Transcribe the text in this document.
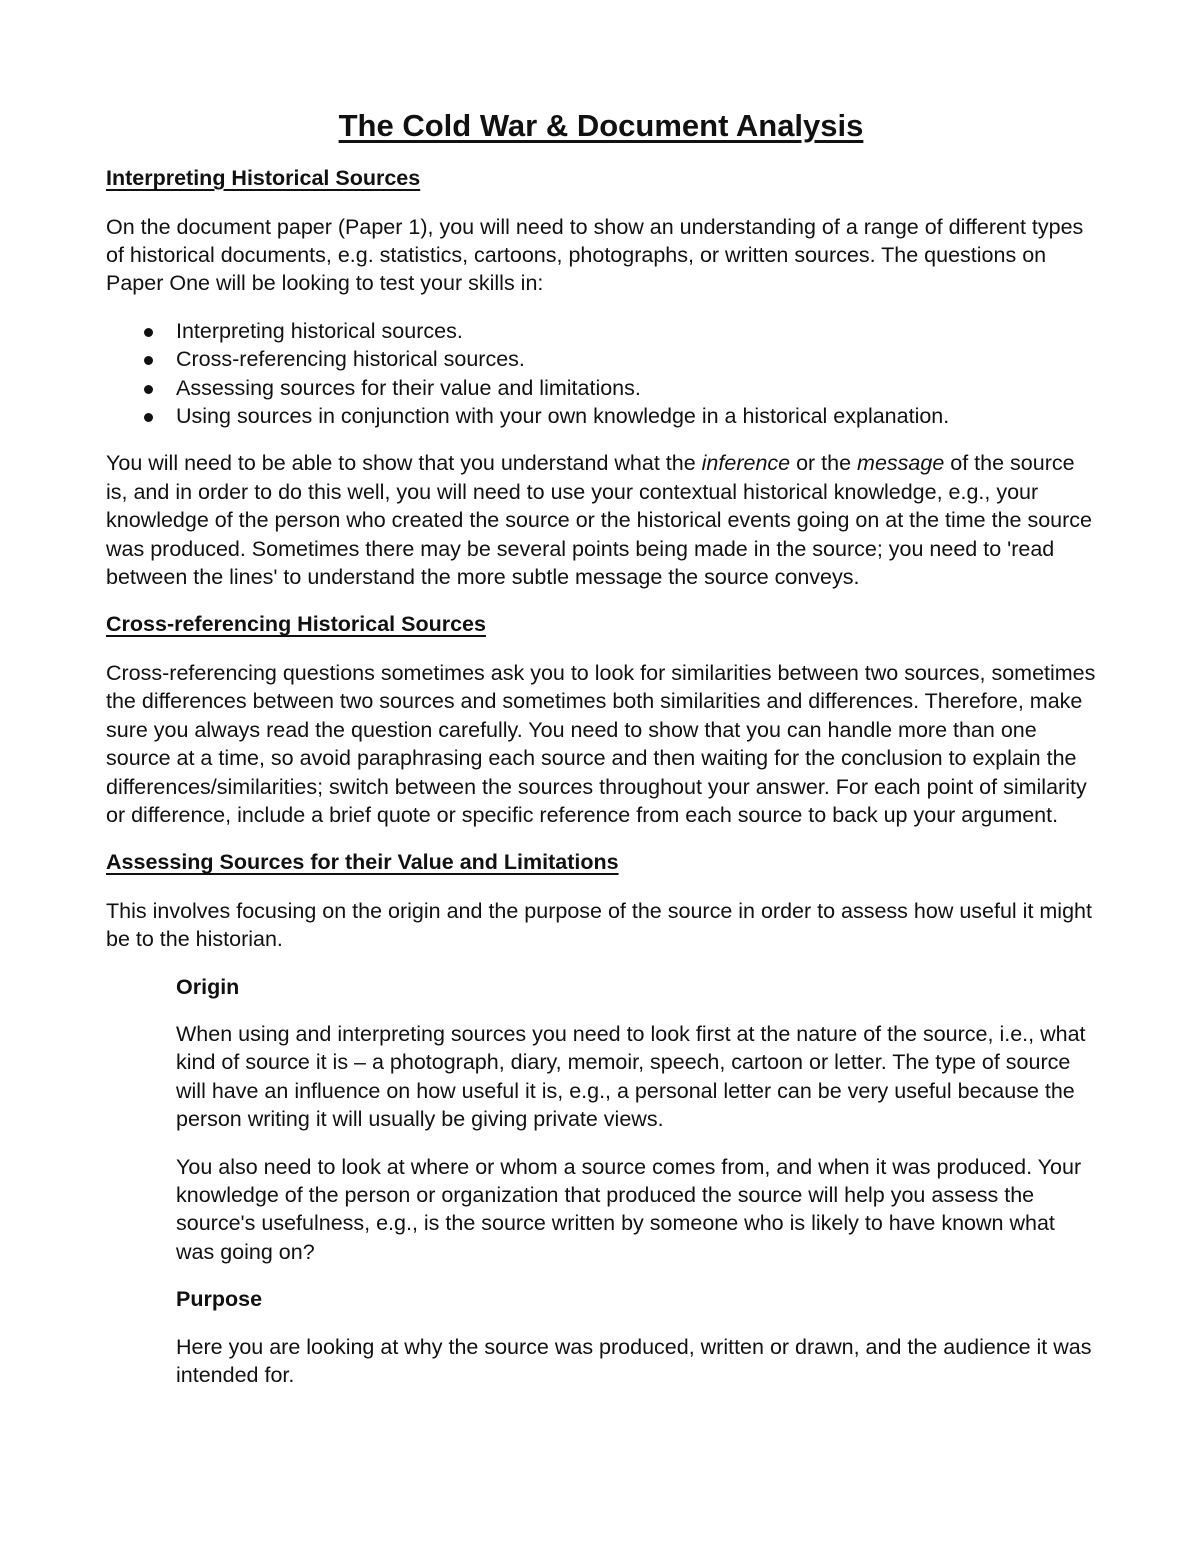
The Cold War & Document Analysis
Interpreting Historical Sources

On the document paper (Paper 1), you will need to show an understanding of a range of different types of historical documents, e.g. statistics, cartoons, photographs, or written sources. The questions on Paper One will be looking to test your skills in:

Interpreting historical sources.
Cross-referencing historical sources.
Assessing sources for their value and limitations.
Using sources in conjunction with your own knowledge in a historical explanation.

You will need to be able to show that you understand what the inference or the message of the source is, and in order to do this well, you will need to use your contextual historical knowledge, e.g., your knowledge of the person who created the source or the historical events going on at the time the source was produced. Sometimes there may be several points being made in the source; you need to 'read between the lines' to understand the more subtle message the source conveys.

Cross-referencing Historical Sources

Cross-referencing questions sometimes ask you to look for similarities between two sources, sometimes the differences between two sources and sometimes both similarities and differences. Therefore, make sure you always read the question carefully. You need to show that you can handle more than one source at a time, so avoid paraphrasing each source and then waiting for the conclusion to explain the differences/similarities; switch between the sources throughout your answer. For each point of similarity or difference, include a brief quote or specific reference from each source to back up your argument.

Assessing Sources for their Value and Limitations

This involves focusing on the origin and the purpose of the source in order to assess how useful it might be to the historian.

Origin

When using and interpreting sources you need to look first at the nature of the source, i.e., what kind of source it is – a photograph, diary, memoir, speech, cartoon or letter. The type of source will have an influence on how useful it is, e.g., a personal letter can be very useful because the person writing it will usually be giving private views.

You also need to look at where or whom a source comes from, and when it was produced. Your knowledge of the person or organization that produced the source will help you assess the source's usefulness, e.g., is the source written by someone who is likely to have known what was going on?

Purpose

Here you are looking at why the source was produced, written or drawn, and the audience it was intended for.
